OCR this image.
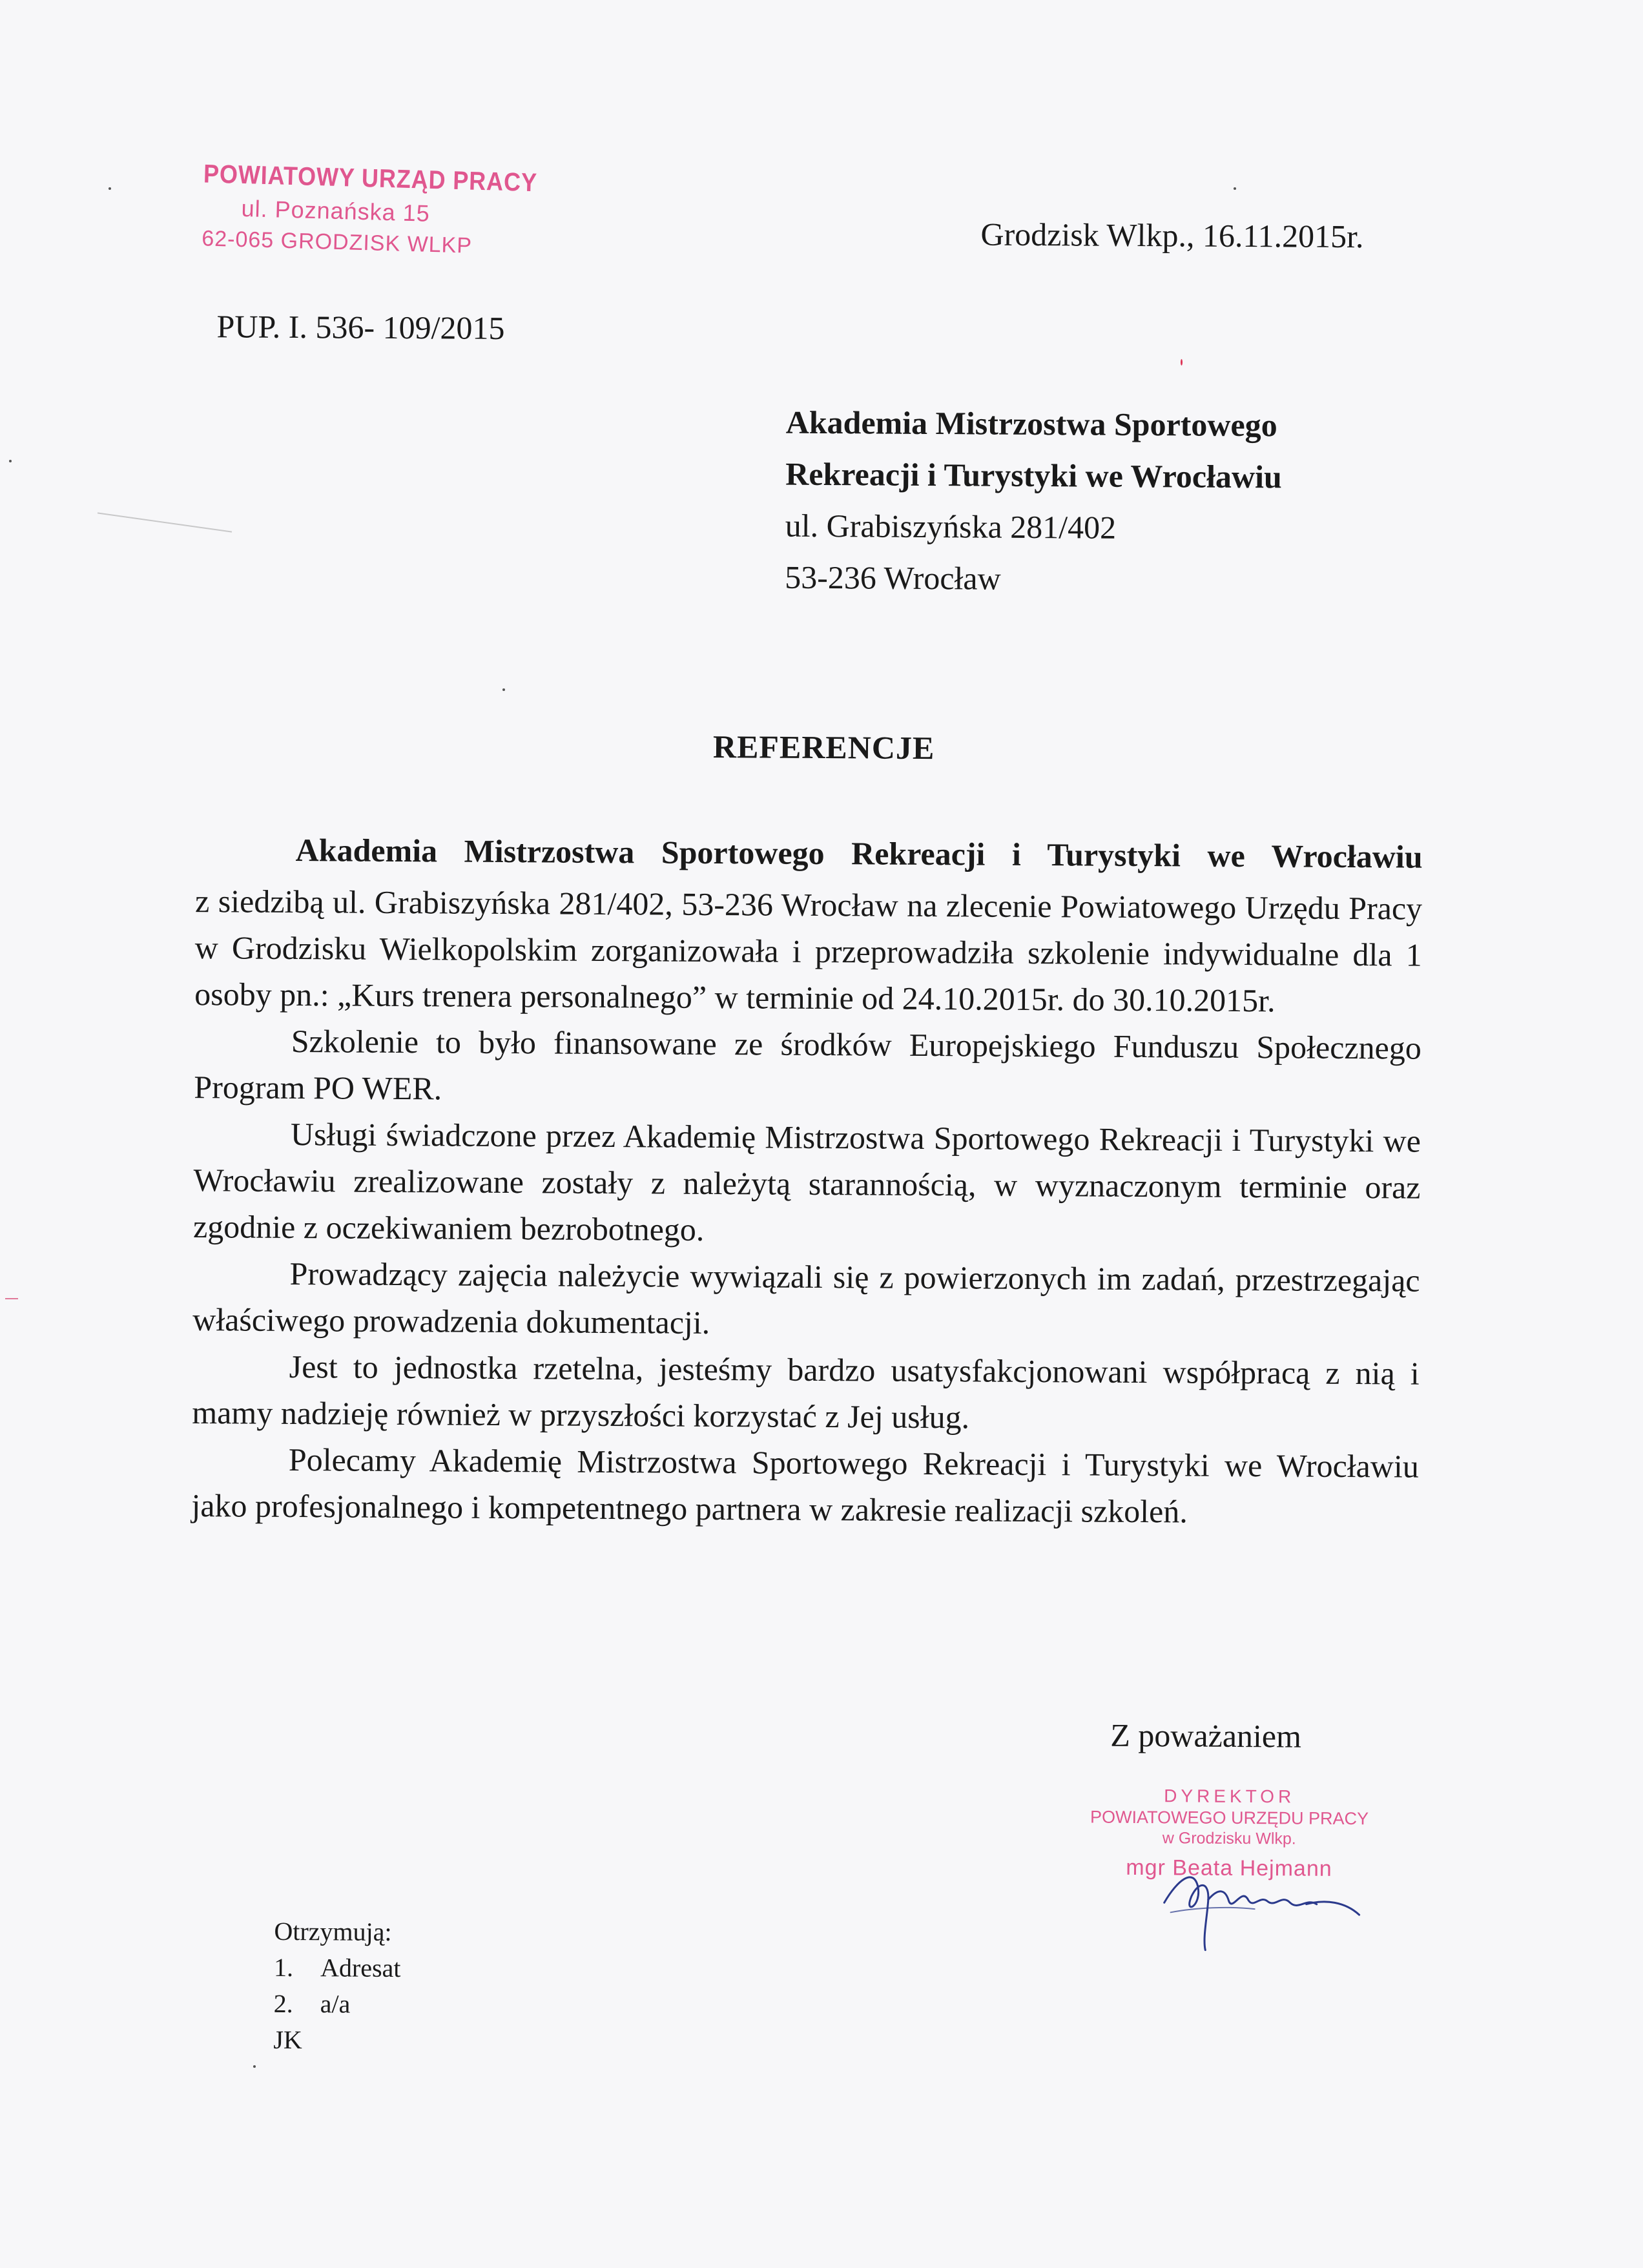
POWIATOWY URZĄD PRACY
ul. Poznańska 15
62-065 GRODZISK WLKP	Grodzisk Wlkp., 16.11.2015r.
PUP. I. 536- 109/2015
Akademia Mistrzostwa Sportowego
Rekreacji i Turystyki we Wrocławiu
ul. Grabiszyńska 281/402
53-236 Wrocław
REFERENCJE
Akademia Mistrzostwa Sportowego Rekreacji i Turystyki we Wrocławiu

z siedzibą ul. Grabiszyńska 281/402, 53-236 Wrocław na zlecenie Powiatowego Urzędu Pracy w Grodzisku Wielkopolskim zorganizowała i przeprowadziła szkolenie indywidualne dla 1 osoby pn.: „Kurs trenera personalnego” w terminie od 24.10.2015r. do 30.10.2015r.

Szkolenie to było finansowane ze środków Europejskiego Funduszu Społecznego Program PO WER.

Usługi świadczone przez Akademię Mistrzostwa Sportowego Rekreacji i Turystyki we Wrocławiu zrealizowane zostały z należytą starannością, w wyznaczonym terminie oraz zgodnie z oczekiwaniem bezrobotnego.

Prowadzący zajęcia należycie wywiązali się z powierzonych im zadań, przestrzegając właściwego prowadzenia dokumentacji.

Jest to jednostka rzetelna, jesteśmy bardzo usatysfakcjonowani współpracą z nią i mamy nadzieję również w przyszłości korzystać z Jej usług.

Polecamy Akademię Mistrzostwa Sportowego Rekreacji i Turystyki we Wrocławiu jako profesjonalnego i kompetentnego partnera w zakresie realizacji szkoleń.

Z poważaniem
DYREKTOR
POWIATOWEGO URZĘDU PRACY
w Grodzisku Wlkp.
mgr Beata Hejmann
Otrzymują:
1. Adresat
2. a/a
JK
